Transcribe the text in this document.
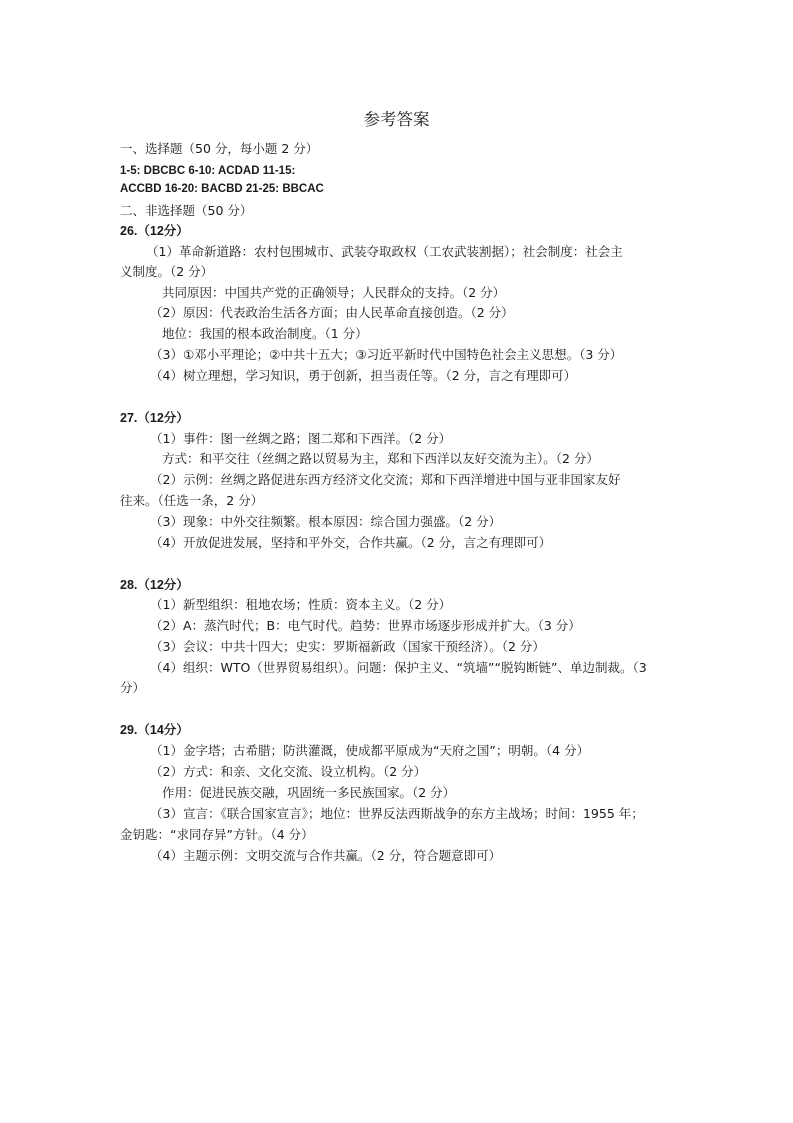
参考答案
一、选择题（50 分，每小题 2 分）
1-5: DBCBC 6-10: ACDAD 11-15:
ACCBD 16-20: BACBD 21-25: BBCAC
二、非选择题（50 分）
26.（12分）
（1）革命新道路：农村包围城市、武装夺取政权（工农武装割据）；社会制度：社会主
义制度。（2 分）
共同原因：中国共产党的正确领导；人民群众的支持。（2 分）
（2）原因：代表政治生活各方面；由人民革命直接创造。（2 分）
地位：我国的根本政治制度。（1 分）
（3）①邓小平理论；②中共十五大；③习近平新时代中国特色社会主义思想。（3 分）
（4）树立理想，学习知识，勇于创新，担当责任等。（2 分，言之有理即可）
27.（12分）
（1）事件：图一丝绸之路；图二郑和下西洋。（2 分）
方式：和平交往（丝绸之路以贸易为主，郑和下西洋以友好交流为主）。（2 分）
（2）示例：丝绸之路促进东西方经济文化交流；郑和下西洋增进中国与亚非国家友好
往来。（任选一条，2 分）
（3）现象：中外交往频繁。根本原因：综合国力强盛。（2 分）
（4）开放促进发展，坚持和平外交，合作共赢。（2 分，言之有理即可）
28.（12分）
（1）新型组织：租地农场；性质：资本主义。（2 分）
（2）A：蒸汽时代；B：电气时代。趋势：世界市场逐步形成并扩大。（3 分）
（3）会议：中共十四大；史实：罗斯福新政（国家干预经济）。（2 分）
（4）组织：WTO（世界贸易组织）。问题：保护主义、“筑墙”“脱钩断链”、单边制裁。（3
分）
29.（14分）
（1）金字塔；古希腊；防洪灌溉，使成都平原成为“天府之国”；明朝。（4 分）
（2）方式：和亲、文化交流、设立机构。（2 分）
作用：促进民族交融，巩固统一多民族国家。（2 分）
（3）宣言：《联合国家宣言》；地位：世界反法西斯战争的东方主战场；时间：1955 年；
金钥匙：“求同存异”方针。（4 分）
（4）主题示例：文明交流与合作共赢。（2 分，符合题意即可）
